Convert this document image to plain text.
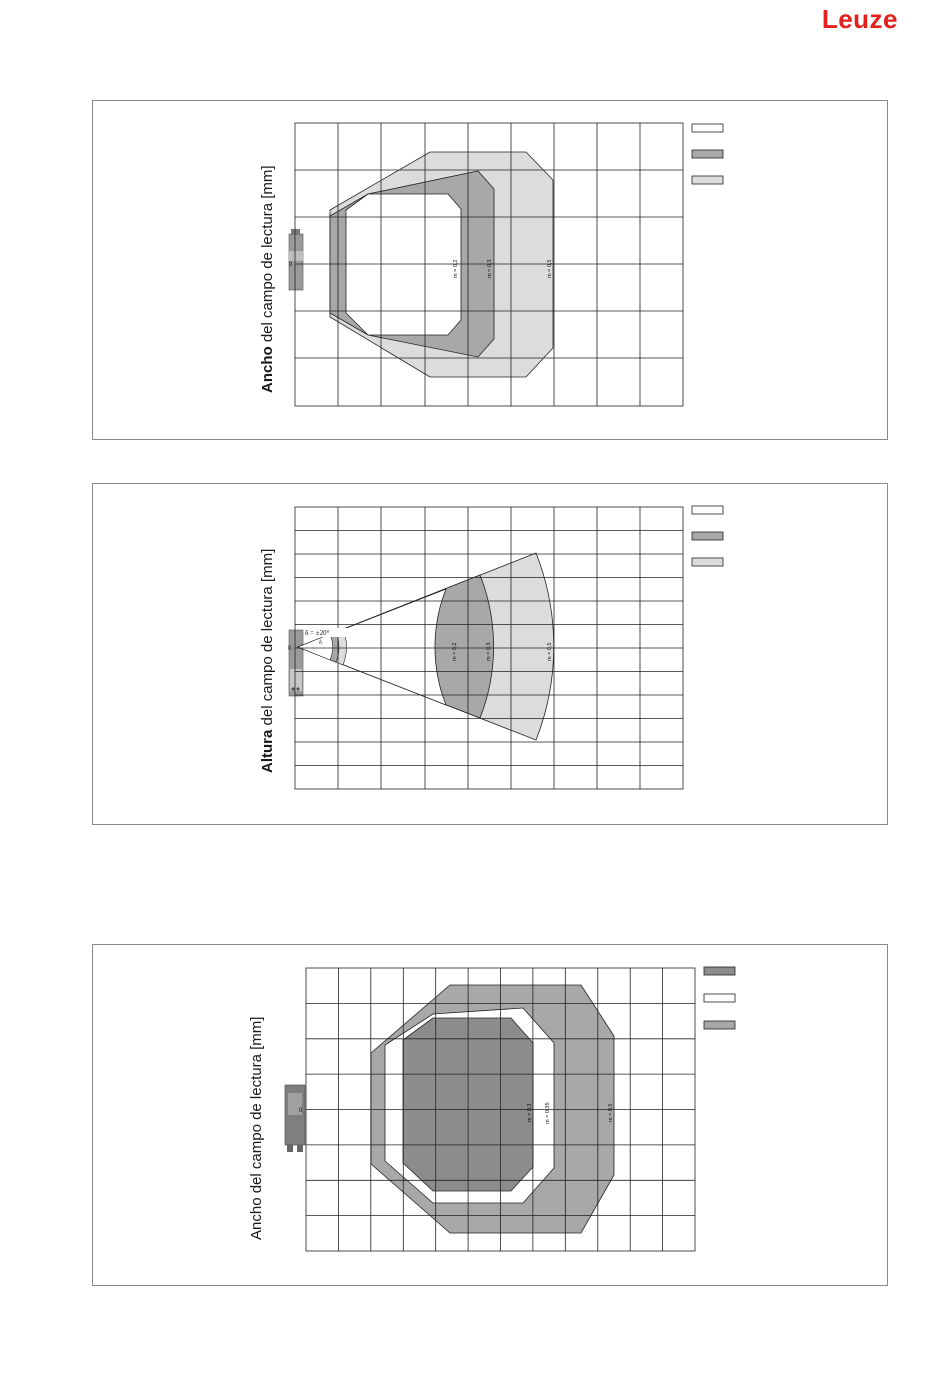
Leuze
Ancho del campo de lectura [mm] 0	m = 0,2	m = 0,3	m = 0,5
Altura del campo de lectura [mm] 0
δ = ±20°
δ	m = 0,2	m = 0,3	m = 0,5
Ancho del campo de lectura [mm]	0	m = 0,3 m = 0,35	m = 0,5
